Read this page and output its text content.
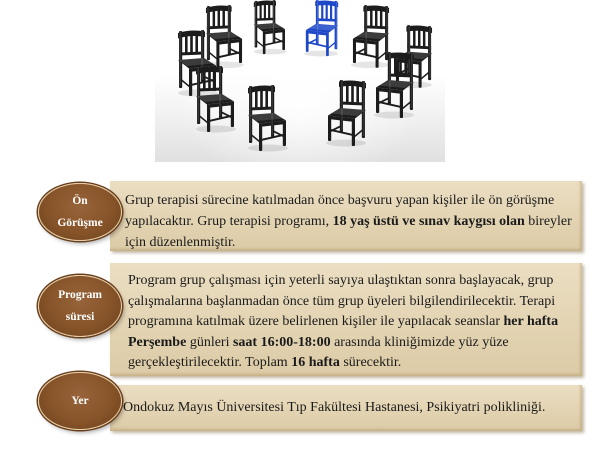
Grup terapisi sürecine katılmadan önce başvuru yapan kişiler ile ön görüşme
yapılacaktır. Grup terapisi programı, 18 yaş üstü ve sınav kaygısı olan bireyler
için düzenlenmiştir.
Ön
Görüşme
Program grup çalışması için yeterli sayıya ulaştıktan sonra başlayacak, grup
çalışmalarına başlanmadan önce tüm grup üyeleri bilgilendirilecektir. Terapi
programına katılmak üzere belirlenen kişiler ile yapılacak seanslar her hafta
Perşembe günleri saat 16:00-18:00 arasında kliniğimizde yüz yüze
gerçekleştirilecektir. Toplam 16 hafta sürecektir.
Program
süresi
Ondokuz Mayıs Üniversitesi Tıp Fakültesi Hastanesi, Psikiyatri polikliniği.
Yer
